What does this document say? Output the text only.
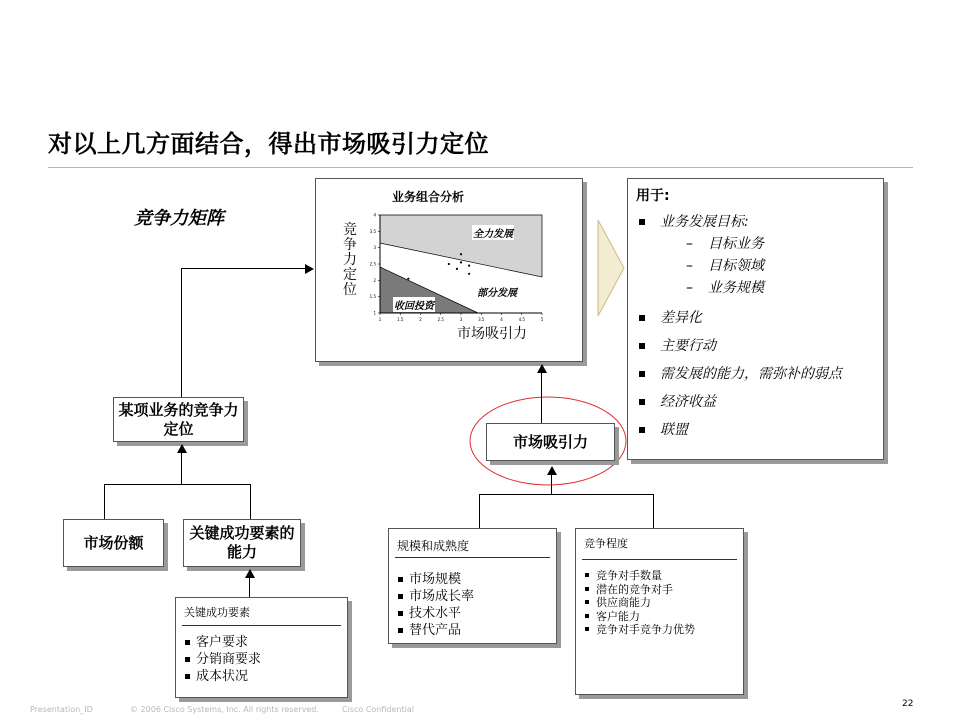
对以上几方面结合，得出市场吸引力定位
竞争力矩阵
业务组合分析
竞争力定位
市场吸引力
1
1.5
2
2.5
3
3.5
4
1	1.5	2	2.5	3	3.5	4	4.5	5
全力发展
部分发展
收回投资
用于:
业务发展目标:
– 目标业务
– 目标领域
– 业务规模
差异化
主要行动
需发展的能力，需弥补的弱点
经济收益
联盟
某项业务的竞争力定位
市场吸引力
市场份额
关键成功要素的能力
关键成功要素
客户要求
分销商要求
成本状况
规模和成熟度
市场规模
市场成长率
技术水平
替代产品
竞争程度
竞争对手数量
潜在的竞争对手
供应商能力
客户能力
竞争对手竞争力优势
Presentation_ID	© 2006 Cisco Systems, Inc. All rights reserved.	Cisco Confidential
22
